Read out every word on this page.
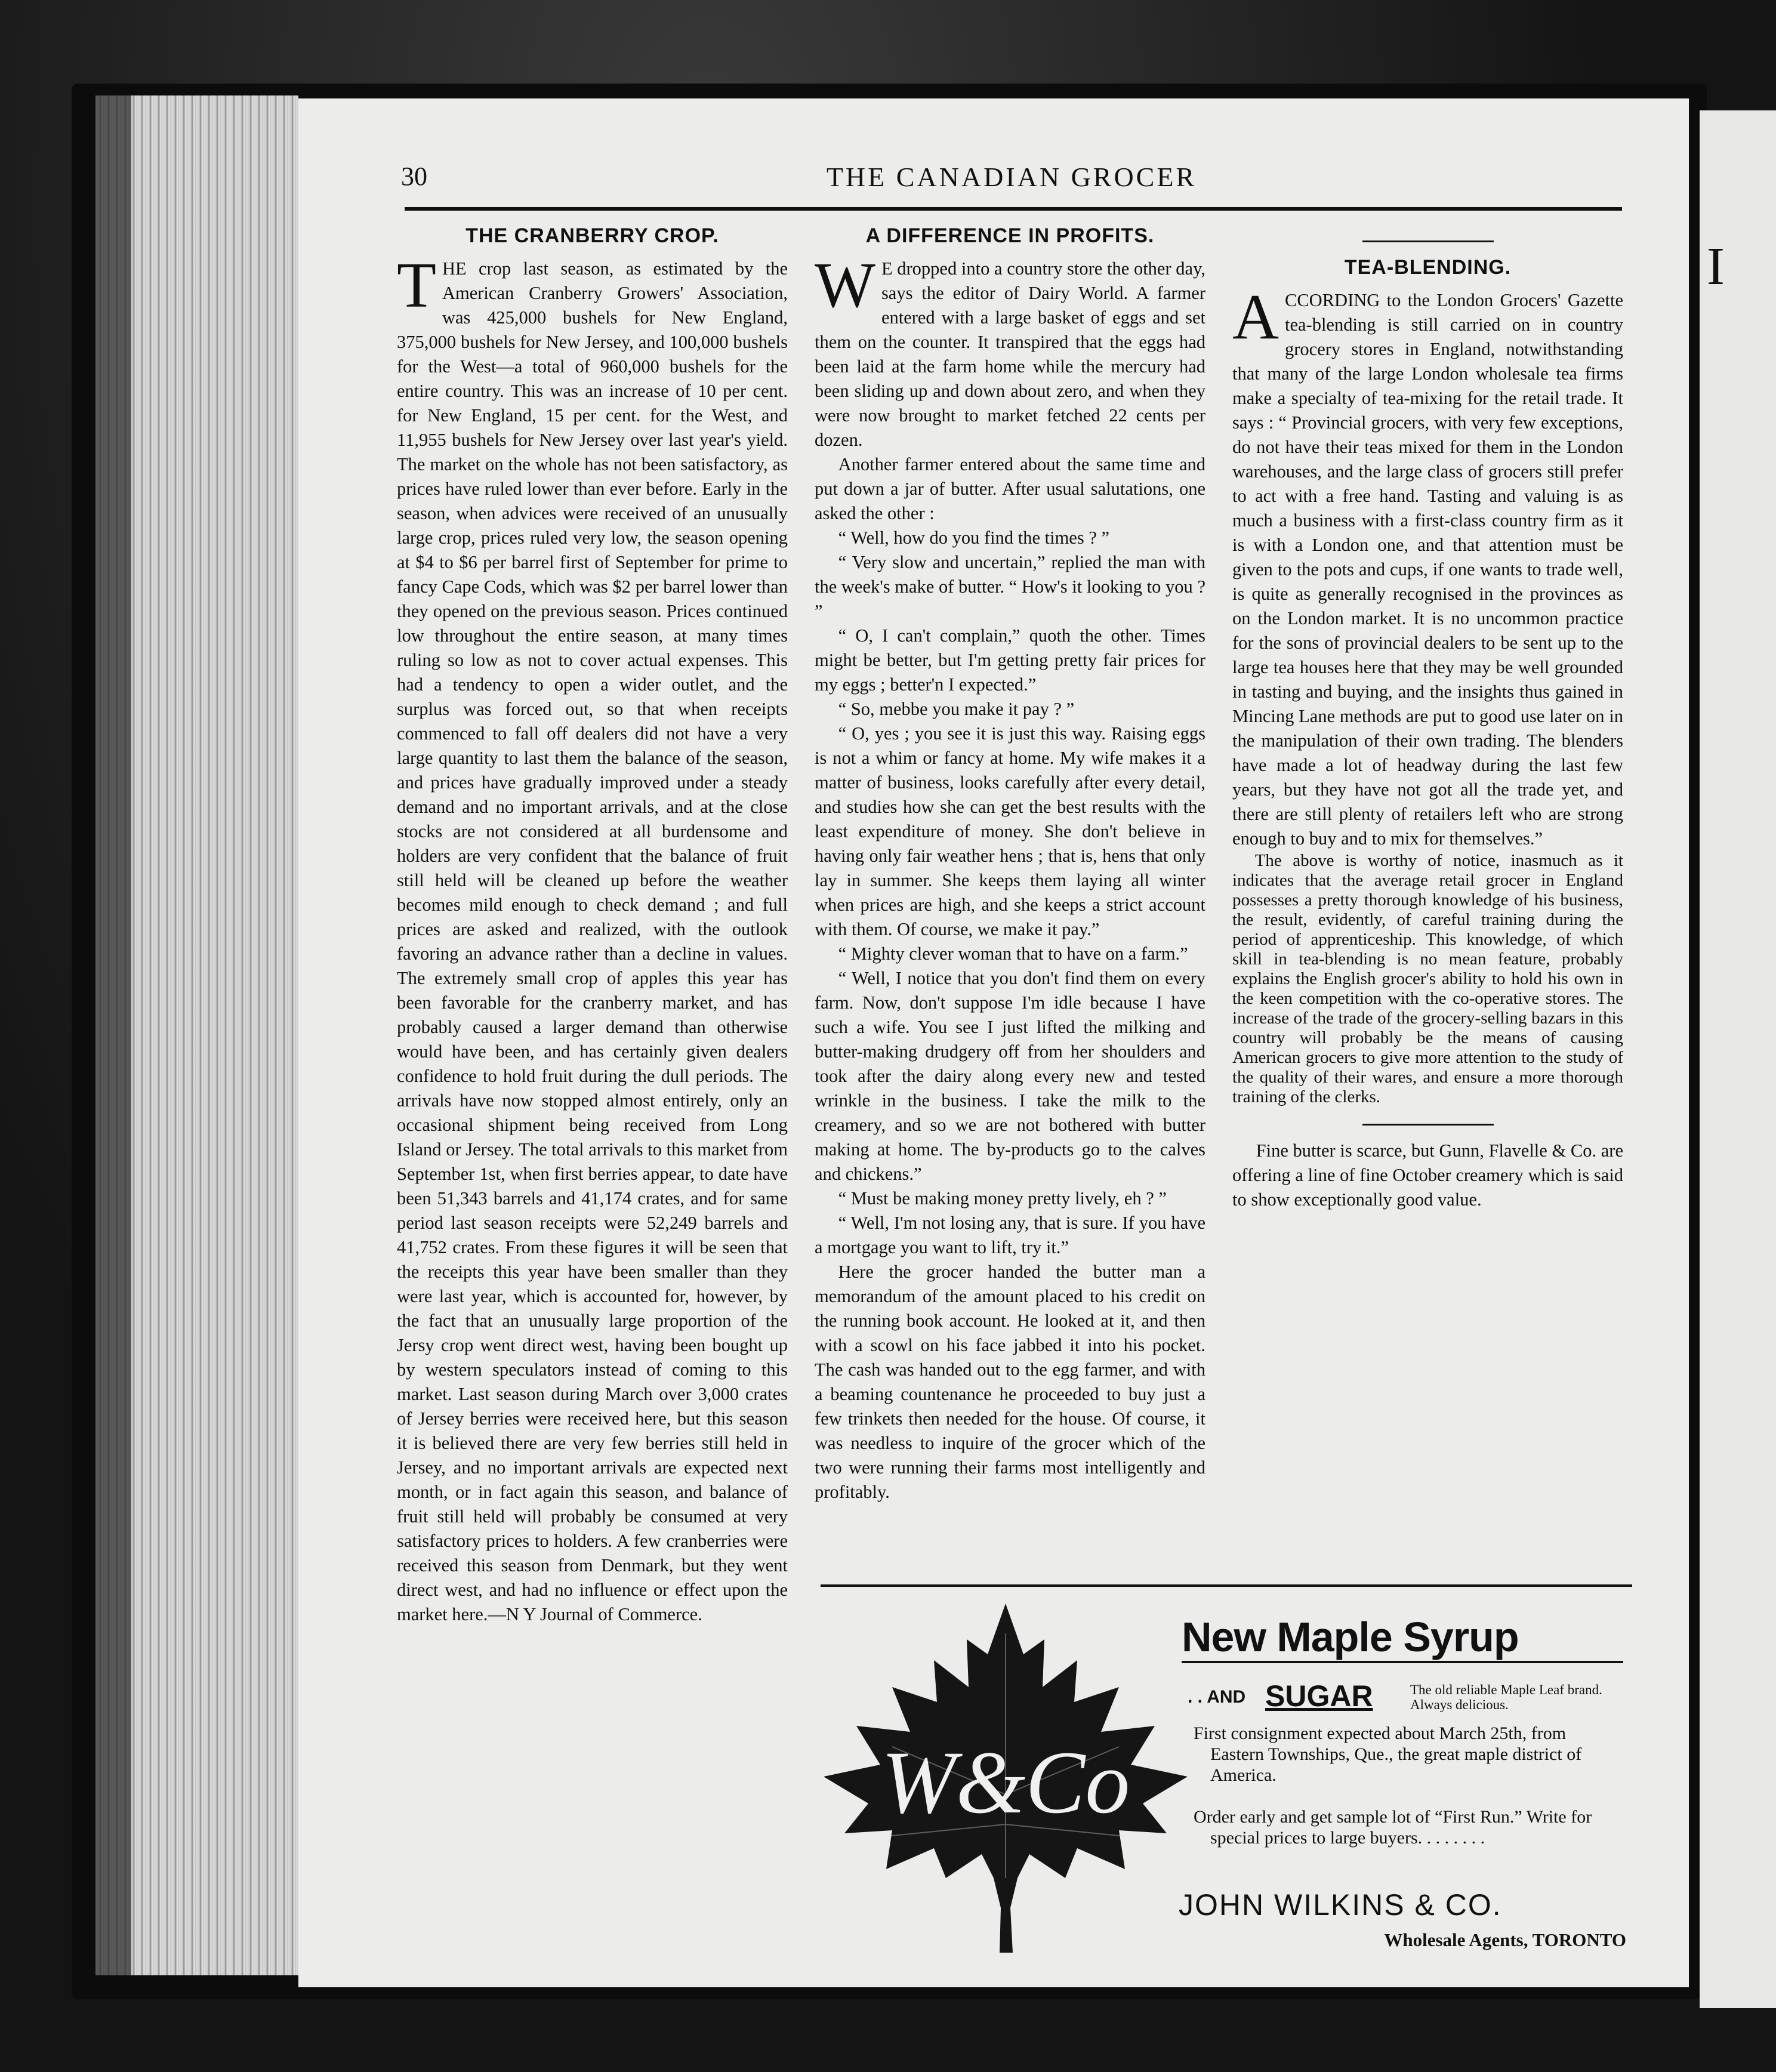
I
30	THE CANADIAN GROCER
THE CRANBERRY CROP.

THE crop last season, as estimated by the American Cranberry Growers' Association, was 425,000 bushels for New England, 375,000 bushels for New Jersey, and 100,000 bushels for the West—a total of 960,000 bushels for the entire country. This was an increase of 10 per cent. for New England, 15 per cent. for the West, and 11,955 bushels for New Jersey over last year's yield. The market on the whole has not been satisfactory, as prices have ruled lower than ever before. Early in the season, when advices were received of an unusually large crop, prices ruled very low, the season opening at $4 to $6 per barrel first of September for prime to fancy Cape Cods, which was $2 per barrel lower than they opened on the previous season. Prices continued low throughout the entire season, at many times ruling so low as not to cover actual expenses. This had a tendency to open a wider outlet, and the surplus was forced out, so that when receipts commenced to fall off dealers did not have a very large quantity to last them the balance of the season, and prices have gradually improved under a steady demand and no important arrivals, and at the close stocks are not considered at all burdensome and holders are very confident that the balance of fruit still held will be cleaned up before the weather becomes mild enough to check demand ; and full prices are asked and realized, with the outlook favoring an advance rather than a decline in values. The extremely small crop of apples this year has been favorable for the cranberry market, and has probably caused a larger demand than otherwise would have been, and has certainly given dealers confidence to hold fruit during the dull periods. The arrivals have now stopped almost entirely, only an occasional shipment being received from Long Island or Jersey. The total arrivals to this market from September 1st, when first berries appear, to date have been 51,343 barrels and 41,174 crates, and for same period last season receipts were 52,249 barrels and 41,752 crates. From these figures it will be seen that the receipts this year have been smaller than they were last year, which is accounted for, however, by the fact that an unusually large proportion of the Jersy crop went direct west, having been bought up by western speculators instead of coming to this market. Last season during March over 3,000 crates of Jersey berries were received here, but this season it is believed there are very few berries still held in Jersey, and no important arrivals are expected next month, or in fact again this season, and balance of fruit still held will probably be consumed at very satisfactory prices to holders. A few cranberries were received this season from Denmark, but they went direct west, and had no influence or effect upon the market here.—N Y Journal of Commerce.

A DIFFERENCE IN PROFITS.

W E dropped into a country store the other day, says the editor of Dairy World. A farmer entered with a large basket of eggs and set them on the counter. It transpired that the eggs had been laid at the farm home while the mercury had been sliding up and down about zero, and when they were now brought to market fetched 22 cents per dozen.

Another farmer entered about the same time and put down a jar of butter. After usual salutations, one asked the other :

“ Well, how do you find the times ? ”

“ Very slow and uncertain,” replied the man with the week's make of butter. “ How's it looking to you ? ”

“ O, I can't complain,” quoth the other. Times might be better, but I'm getting pretty fair prices for my eggs ; better'n I expected.”

“ So, mebbe you make it pay ? ”

“ O, yes ; you see it is just this way. Raising eggs is not a whim or fancy at home. My wife makes it a matter of business, looks carefully after every detail, and studies how she can get the best results with the least expenditure of money. She don't believe in having only fair weather hens ; that is, hens that only lay in summer. She keeps them laying all winter when prices are high, and she keeps a strict account with them. Of course, we make it pay.”

“ Mighty clever woman that to have on a farm.”

“ Well, I notice that you don't find them on every farm. Now, don't suppose I'm idle because I have such a wife. You see I just lifted the milking and butter-making drudgery off from her shoulders and took after the dairy along every new and tested wrinkle in the business. I take the milk to the creamery, and so we are not bothered with butter making at home. The by-products go to the calves and chickens.”

“ Must be making money pretty lively, eh ? ”

“ Well, I'm not losing any, that is sure. If you have a mortgage you want to lift, try it.”

Here the grocer handed the butter man a memorandum of the amount placed to his credit on the running book account. He looked at it, and then with a scowl on his face jabbed it into his pocket. The cash was handed out to the egg farmer, and with a beaming countenance he proceeded to buy just a few trinkets then needed for the house. Of course, it was needless to inquire of the grocer which of the two were running their farms most intelligently and profitably.

TEA-BLENDING.

ACCORDING to the London Grocers' Gazette tea-blending is still carried on in country grocery stores in England, notwithstanding that many of the large London wholesale tea firms make a specialty of tea-mixing for the retail trade. It says : “ Provincial grocers, with very few exceptions, do not have their teas mixed for them in the London warehouses, and the large class of grocers still prefer to act with a free hand. Tasting and valuing is as much a business with a first-class country firm as it is with a London one, and that attention must be given to the pots and cups, if one wants to trade well, is quite as generally recognised in the provinces as on the London market. It is no uncommon practice for the sons of provincial dealers to be sent up to the large tea houses here that they may be well grounded in tasting and buying, and the insights thus gained in Mincing Lane methods are put to good use later on in the manipulation of their own trading. The blenders have made a lot of headway during the last few years, but they have not got all the trade yet, and there are still plenty of retailers left who are strong enough to buy and to mix for themselves.”

The above is worthy of notice, inasmuch as it indicates that the average retail grocer in England possesses a pretty thorough knowledge of his business, the result, evidently, of careful training during the period of apprenticeship. This knowledge, of which skill in tea-blending is no mean feature, probably explains the English grocer's ability to hold his own in the keen competition with the co-operative stores. The increase of the trade of the grocery-selling bazars in this country will probably be the means of causing American grocers to give more attention to the study of the quality of their wares, and ensure a more thorough training of the clerks.

Fine butter is scarce, but Gunn, Flavelle & Co. are offering a line of fine October creamery which is said to show exceptionally good value.

W&Co
New Maple Syrup
. . AND SUGAR	The old reliable Maple Leaf brand. Always delicious.
First consignment expected about March 25th, from Eastern Townships, Que., the great maple district of America.
Order early and get sample lot of “First Run.” Write for special prices to large buyers. . . . . . . .
JOHN WILKINS & CO.
Wholesale Agents, TORONTO
